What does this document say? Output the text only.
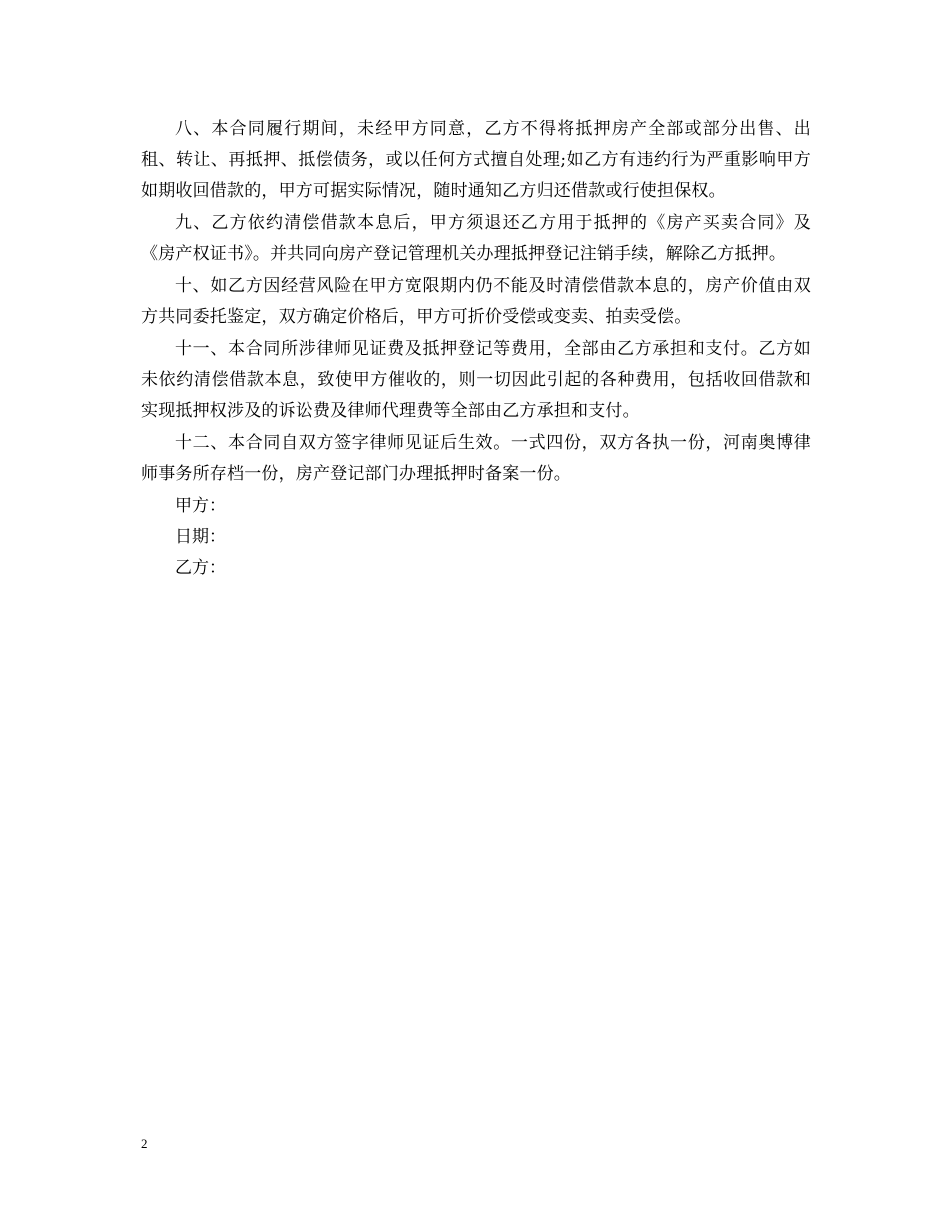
八、本合同履行期间，未经甲方同意，乙方不得将抵押房产全部或部分出售、出租、转让、再抵押、抵偿债务，或以任何方式擅自处理;如乙方有违约行为严重影响甲方如期收回借款的，甲方可据实际情况，随时通知乙方归还借款或行使担保权。

九、乙方依约清偿借款本息后，甲方须退还乙方用于抵押的《房产买卖合同》及《房产权证书》。并共同向房产登记管理机关办理抵押登记注销手续，解除乙方抵押。

十、如乙方因经营风险在甲方宽限期内仍不能及时清偿借款本息的，房产价值由双方共同委托鉴定，双方确定价格后，甲方可折价受偿或变卖、拍卖受偿。

十一、本合同所涉律师见证费及抵押登记等费用，全部由乙方承担和支付。乙方如未依约清偿借款本息，致使甲方催收的，则一切因此引起的各种费用，包括收回借款和实现抵押权涉及的诉讼费及律师代理费等全部由乙方承担和支付。

十二、本合同自双方签字律师见证后生效。一式四份，双方各执一份，河南奥博律师事务所存档一份，房产登记部门办理抵押时备案一份。

甲方：

日期：

乙方：

2
